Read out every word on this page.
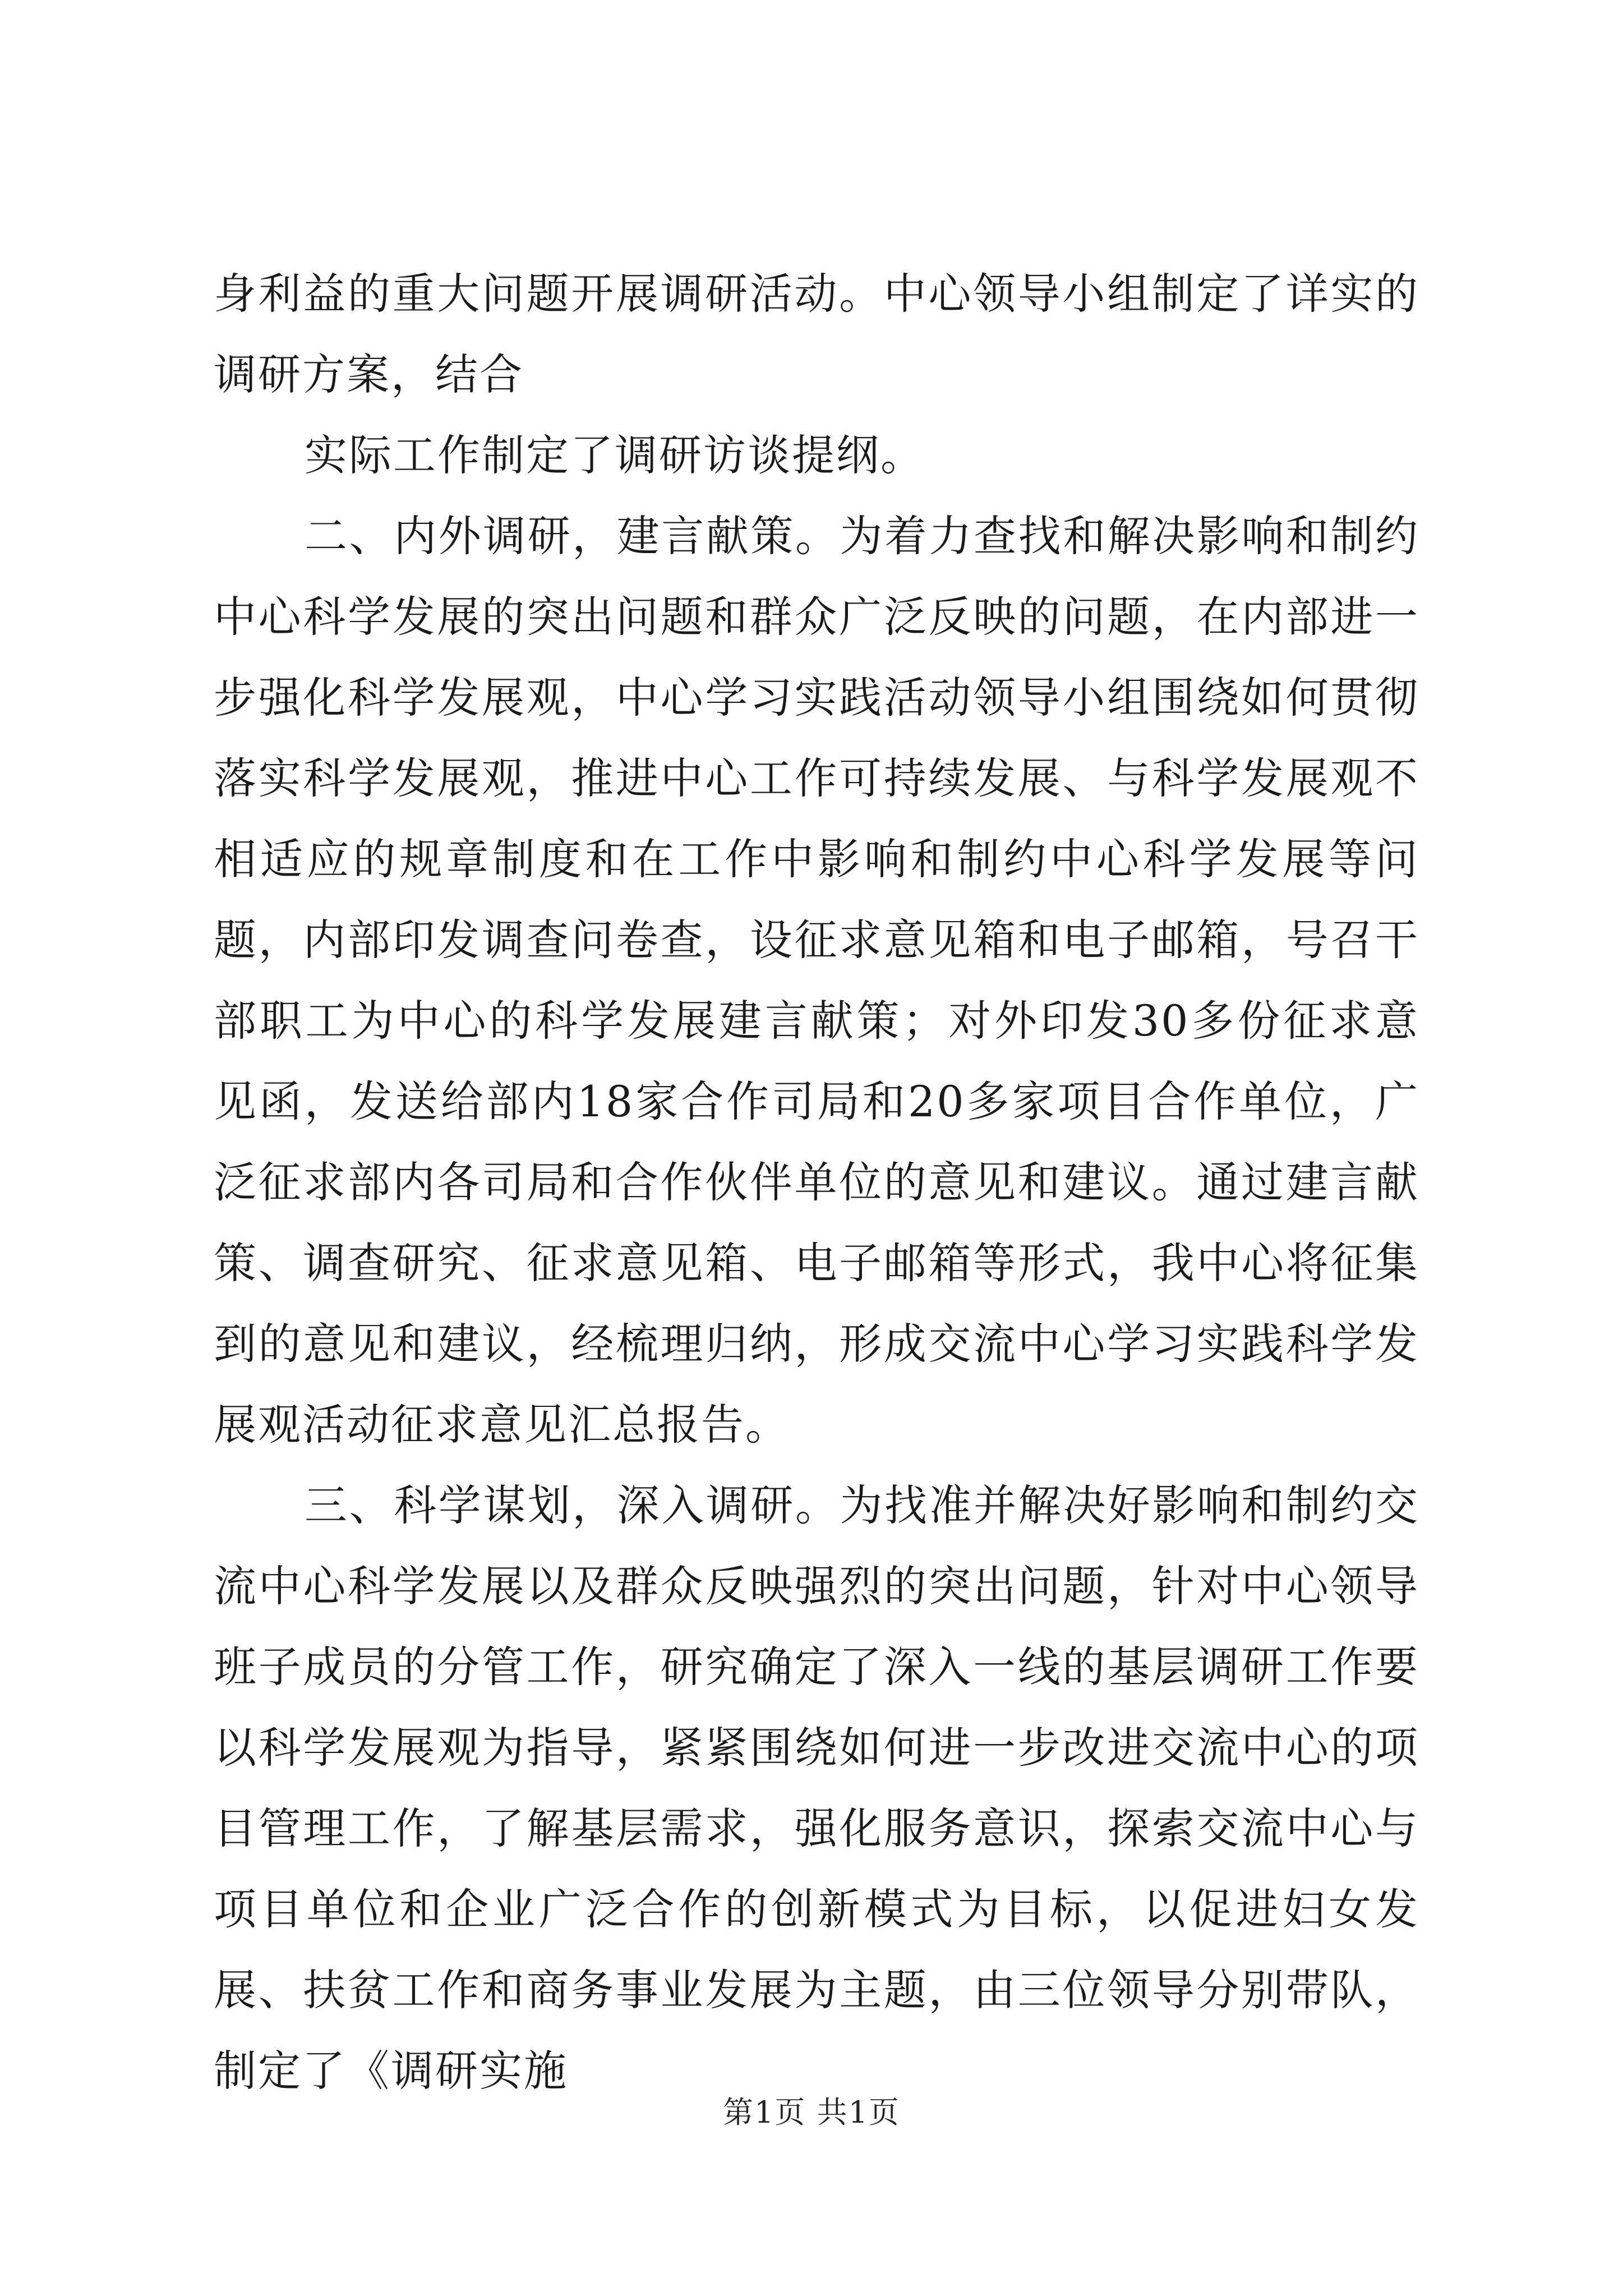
身利益的重大问题开展调研活动。中心领导小组制定了详实的调研方案，结合

实际工作制定了调研访谈提纲。

二、内外调研，建言献策。为着力查找和解决影响和制约中心科学发展的突出问题和群众广泛反映的问题，在内部进一步强化科学发展观，中心学习实践活动领导小组围绕如何贯彻落实科学发展观，推进中心工作可持续发展、与科学发展观不相适应的规章制度和在工作中影响和制约中心科学发展等问题，内部印发调查问卷查，设征求意见箱和电子邮箱，号召干部职工为中心的科学发展建言献策；对外印发30多份征求意见函，发送给部内18家合作司局和20多家项目合作单位，广泛征求部内各司局和合作伙伴单位的意见和建议。通过建言献策、调查研究、征求意见箱、电子邮箱等形式，我中心将征集到的意见和建议，经梳理归纳，形成交流中心学习实践科学发展观活动征求意见汇总报告。

三、科学谋划，深入调研。为找准并解决好影响和制约交流中心科学发展以及群众反映强烈的突出问题，针对中心领导班子成员的分管工作，研究确定了深入一线的基层调研工作要以科学发展观为指导，紧紧围绕如何进一步改进交流中心的项目管理工作，了解基层需求，强化服务意识，探索交流中心与项目单位和企业广泛合作的创新模式为目标，以促进妇女发展、扶贫工作和商务事业发展为主题，由三位领导分别带队，制定了《调研实施

第1页 共1页
